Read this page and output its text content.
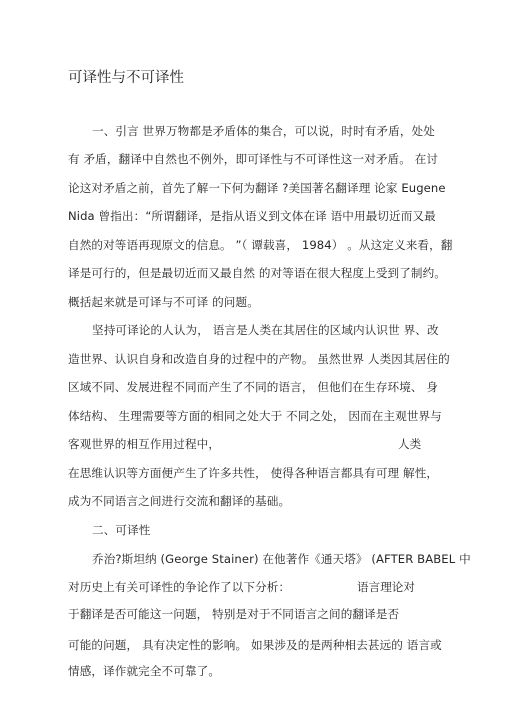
可译性与不可译性
一、引言 世界万物都是矛盾体的集合，可以说，时时有矛盾，处处
有 矛盾，翻译中自然也不例外，即可译性与不可译性这一对矛盾。 在讨
论这对矛盾之前，首先了解一下何为翻译 ?美国著名翻译理 论家 Eugene
Nida 曾指出：“所谓翻译，是指从语义到文体在译 语中用最切近而又最
自然的对等语再现原文的信息。 ”（ 谭载喜， 1984） 。从这定义来看，翻
译是可行的，但是最切近而又最自然 的对等语在很大程度上受到了制约。
概括起来就是可译与不可译 的问题。
坚持可译论的人认为， 语言是人类在其居住的区域内认识世 界、改
造世界、认识自身和改造自身的过程中的产物。 虽然世界 人类因其居住的
区域不同、发展进程不同而产生了不同的语言， 但他们在生存环境、 身
体结构、 生理需要等方面的相同之处大于 不同之处， 因而在主观世界与
客观世界的相互作用过程中，	人类
在思维认识等方面便产生了许多共性， 使得各种语言都具有可理 解性，
成为不同语言之间进行交流和翻译的基础。
二、可译性
乔治?斯坦纳 (George Stainer) 在他著作《通天塔》 (AFTER BABEL 中
对历史上有关可译性的争论作了以下分析：	语言理论对
于翻译是否可能这一问题， 特别是对于不同语言之间的翻译是否
可能的问题， 具有决定性的影响。 如果涉及的是两种相去甚远的 语言或
情感，译作就完全不可靠了。
